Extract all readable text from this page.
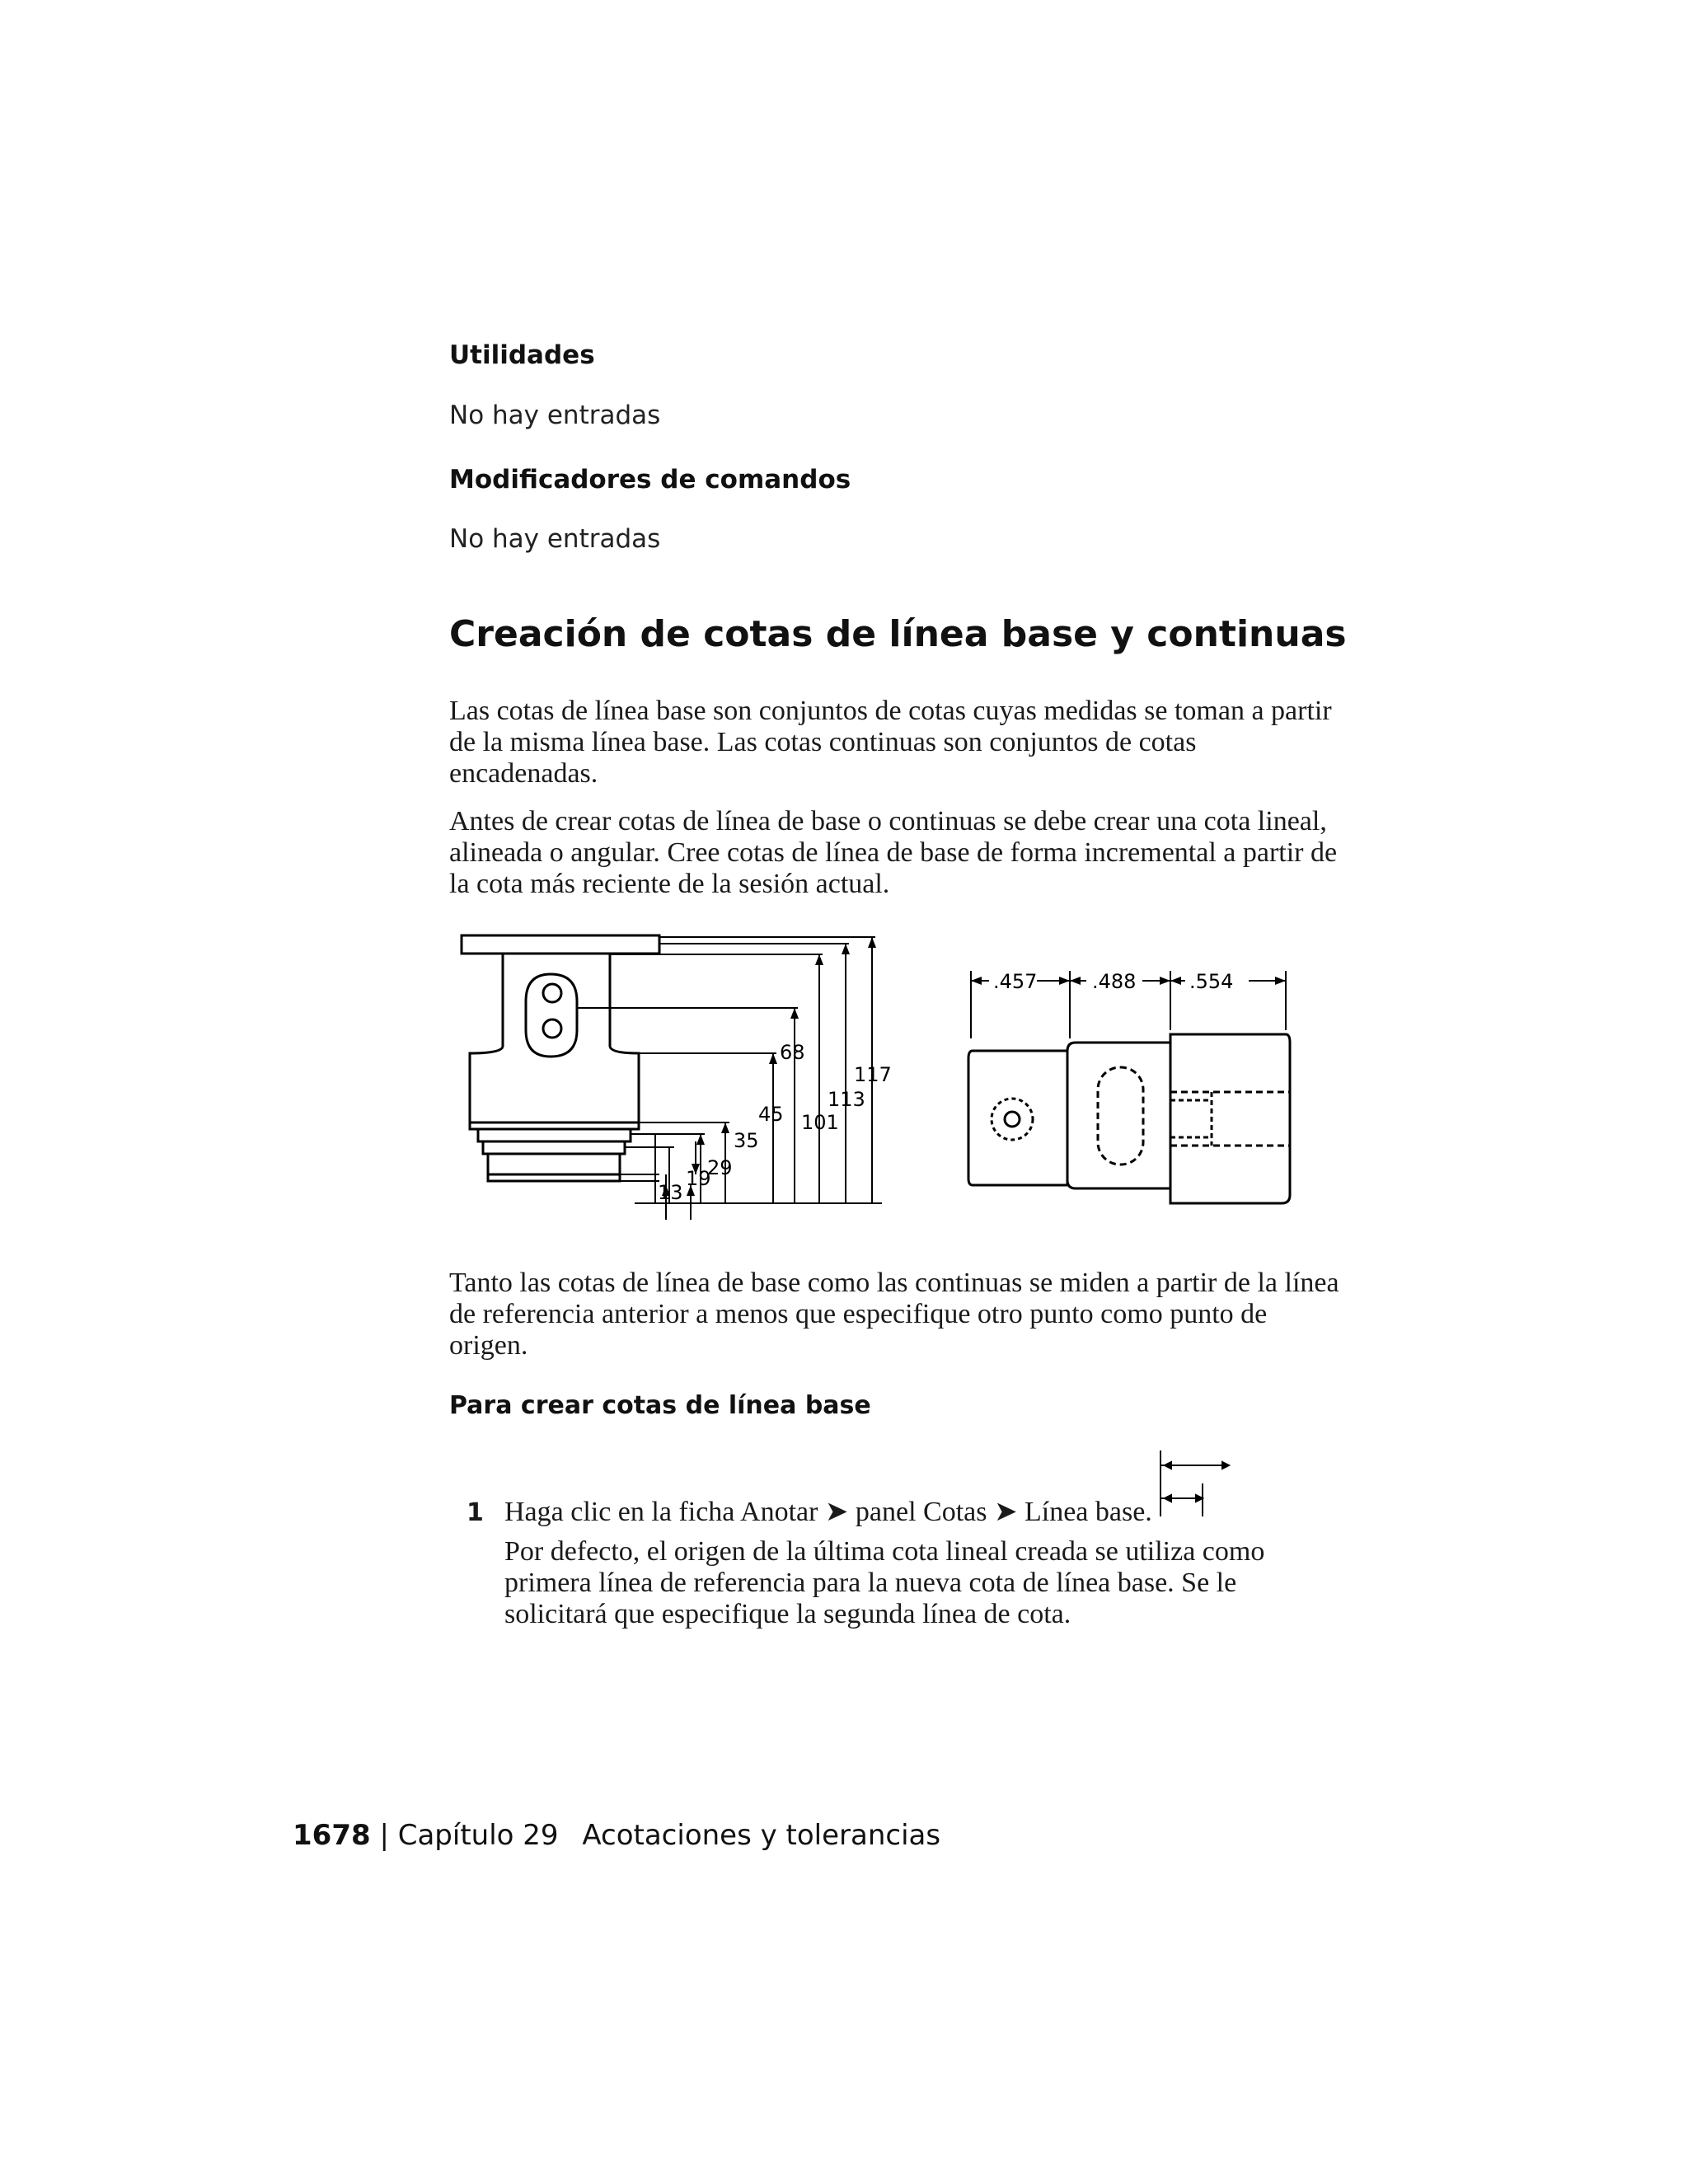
Utilidades
No hay entradas
Modificadores de comandos
No hay entradas
Creación de cotas de línea base y continuas
Las cotas de línea base son conjuntos de cotas cuyas medidas se toman a partir de la misma línea base. Las cotas continuas son conjuntos de cotas encadenadas.
Antes de crear cotas de línea de base o continuas se debe crear una cota lineal, alineada o angular. Cree cotas de línea de base de forma incremental a partir de la cota más reciente de la sesión actual.
117
113
101
68
45
35
29
19
13
.457	.488	.554
Tanto las cotas de línea de base como las continuas se miden a partir de la línea de referencia anterior a menos que especifique otro punto como punto de origen.
Para crear cotas de línea base
1 Haga clic en la ficha Anotar ➤ panel Cotas ➤ Línea base.
Por defecto, el origen de la última cota lineal creada se utiliza como primera línea de referencia para la nueva cota de línea base. Se le solicitará que especifique la segunda línea de cota.
1678 | Capítulo 29 Acotaciones y tolerancias
